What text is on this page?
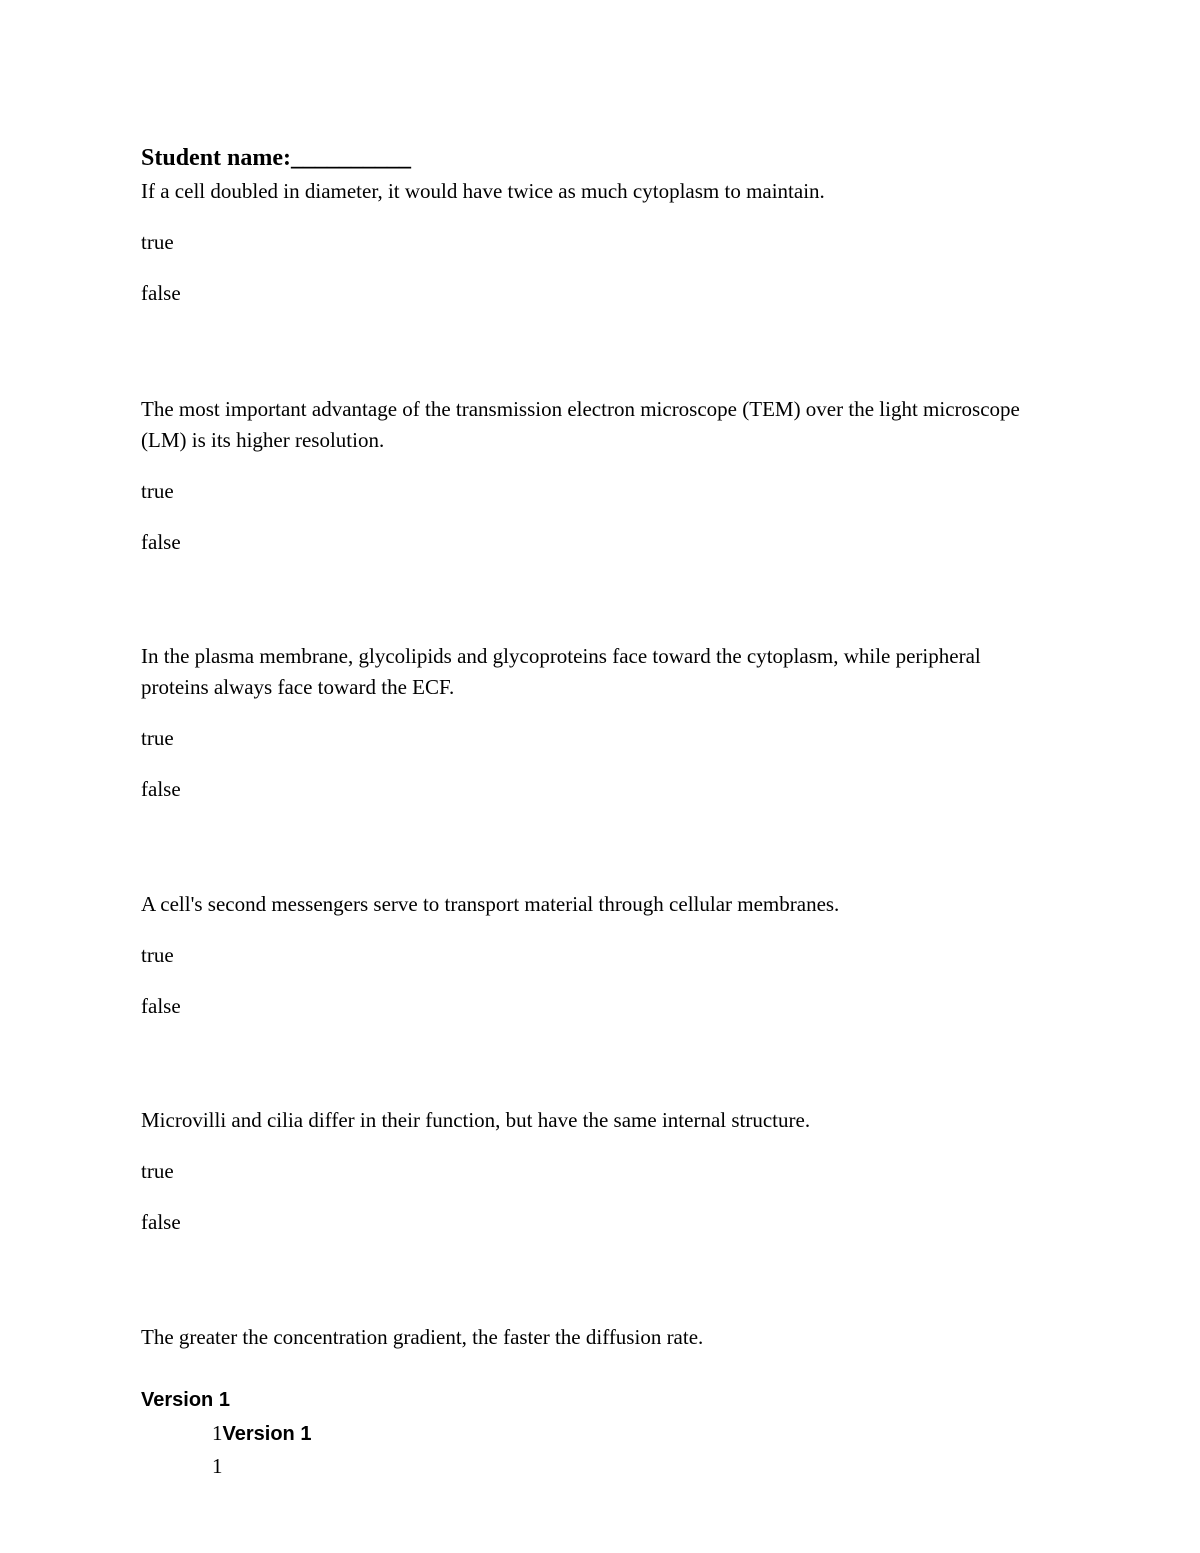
Student name:__________

If a cell doubled in diameter, it would have twice as much cytoplasm to maintain.

true
false

The most important advantage of the transmission electron microscope (TEM) over the light microscope (LM) is its higher resolution.

true
false

In the plasma membrane, glycolipids and glycoproteins face toward the cytoplasm, while peripheral proteins always face toward the ECF.

true
false

A cell's second messengers serve to transport material through cellular membranes.

true
false

Microvilli and cilia differ in their function, but have the same internal structure.

true
false

The greater the concentration gradient, the faster the diffusion rate.

Version 1
1Version 1
1
